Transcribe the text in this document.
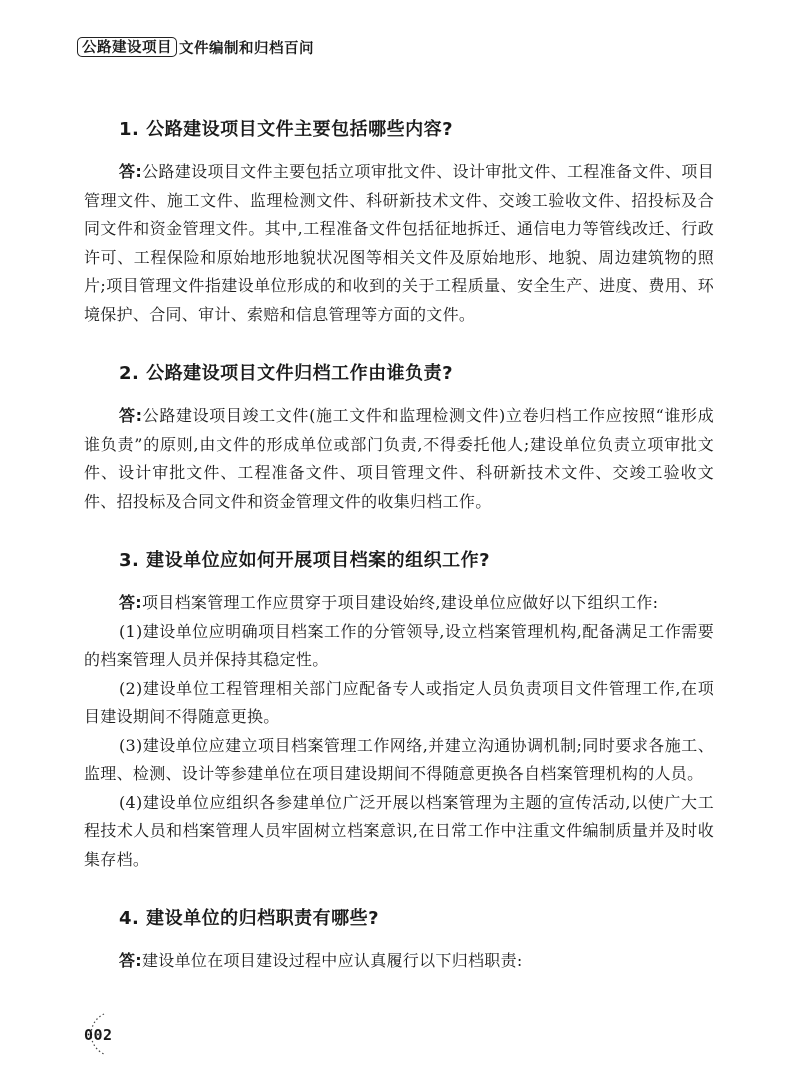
公路建设项目 文件编制和归档百问
1. 公路建设项目文件主要包括哪些内容?

答:公路建设项目文件主要包括立项审批文件、设计审批文件、工程准备文件、项目管理文件、施工文件、监理检测文件、科研新技术文件、交竣工验收文件、招投标及合同文件和资金管理文件。其中,工程准备文件包括征地拆迁、通信电力等管线改迁、行政许可、工程保险和原始地形地貌状况图等相关文件及原始地形、地貌、周边建筑物的照片;项目管理文件指建设单位形成的和收到的关于工程质量、安全生产、进度、费用、环境保护、合同、审计、索赔和信息管理等方面的文件。

2. 公路建设项目文件归档工作由谁负责?

答:公路建设项目竣工文件(施工文件和监理检测文件)立卷归档工作应按照“谁形成谁负责”的原则,由文件的形成单位或部门负责,不得委托他人;建设单位负责立项审批文件、设计审批文件、工程准备文件、项目管理文件、科研新技术文件、交竣工验收文件、招投标及合同文件和资金管理文件的收集归档工作。

3. 建设单位应如何开展项目档案的组织工作?

答:项目档案管理工作应贯穿于项目建设始终,建设单位应做好以下组织工作:

(1)建设单位应明确项目档案工作的分管领导,设立档案管理机构,配备满足工作需要的档案管理人员并保持其稳定性。

(2)建设单位工程管理相关部门应配备专人或指定人员负责项目文件管理工作,在项目建设期间不得随意更换。

(3)建设单位应建立项目档案管理工作网络,并建立沟通协调机制;同时要求各施工、监理、检测、设计等参建单位在项目建设期间不得随意更换各自档案管理机构的人员。

(4)建设单位应组织各参建单位广泛开展以档案管理为主题的宣传活动,以使广大工程技术人员和档案管理人员牢固树立档案意识,在日常工作中注重文件编制质量并及时收集存档。

4. 建设单位的归档职责有哪些?

答:建设单位在项目建设过程中应认真履行以下归档职责:

002
